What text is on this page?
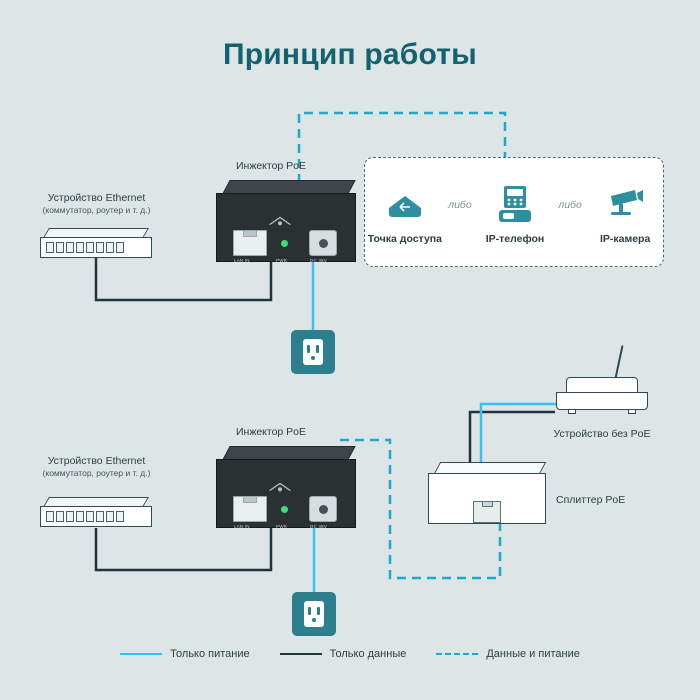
Принцип работы
Устройство Ethernet
(коммутатор, роутер и т. д.)
Инжектор PoE
LAN IN	PWR	DC 48V
Точка доступа
либо
IP-телефон
либо
IP-камера
Устройство Ethernet
(коммутатор, роутер и т. д.)
Инжектор PoE
LAN IN	PWR	DC 48V
Сплиттер PoE
Устройство без PoE
Только питание	Только данные	Данные и питание
